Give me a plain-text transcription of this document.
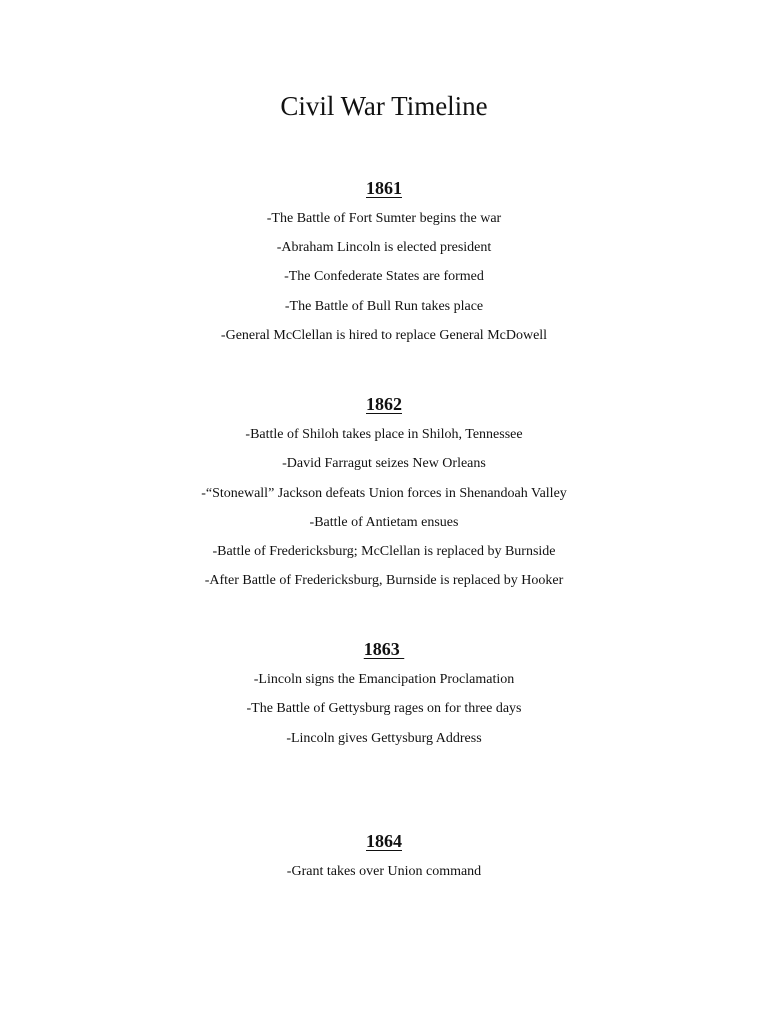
Civil War Timeline
1861
-The Battle of Fort Sumter begins the war
-Abraham Lincoln is elected president
-The Confederate States are formed
-The Battle of Bull Run takes place
-General McClellan is hired to replace General McDowell
1862
-Battle of Shiloh takes place in Shiloh, Tennessee
-David Farragut seizes New Orleans
-“Stonewall” Jackson defeats Union forces in Shenandoah Valley
-Battle of Antietam ensues
-Battle of Fredericksburg; McClellan is replaced by Burnside
-After Battle of Fredericksburg, Burnside is replaced by Hooker
1863
-Lincoln signs the Emancipation Proclamation
-The Battle of Gettysburg rages on for three days
-Lincoln gives Gettysburg Address
1864
-Grant takes over Union command
